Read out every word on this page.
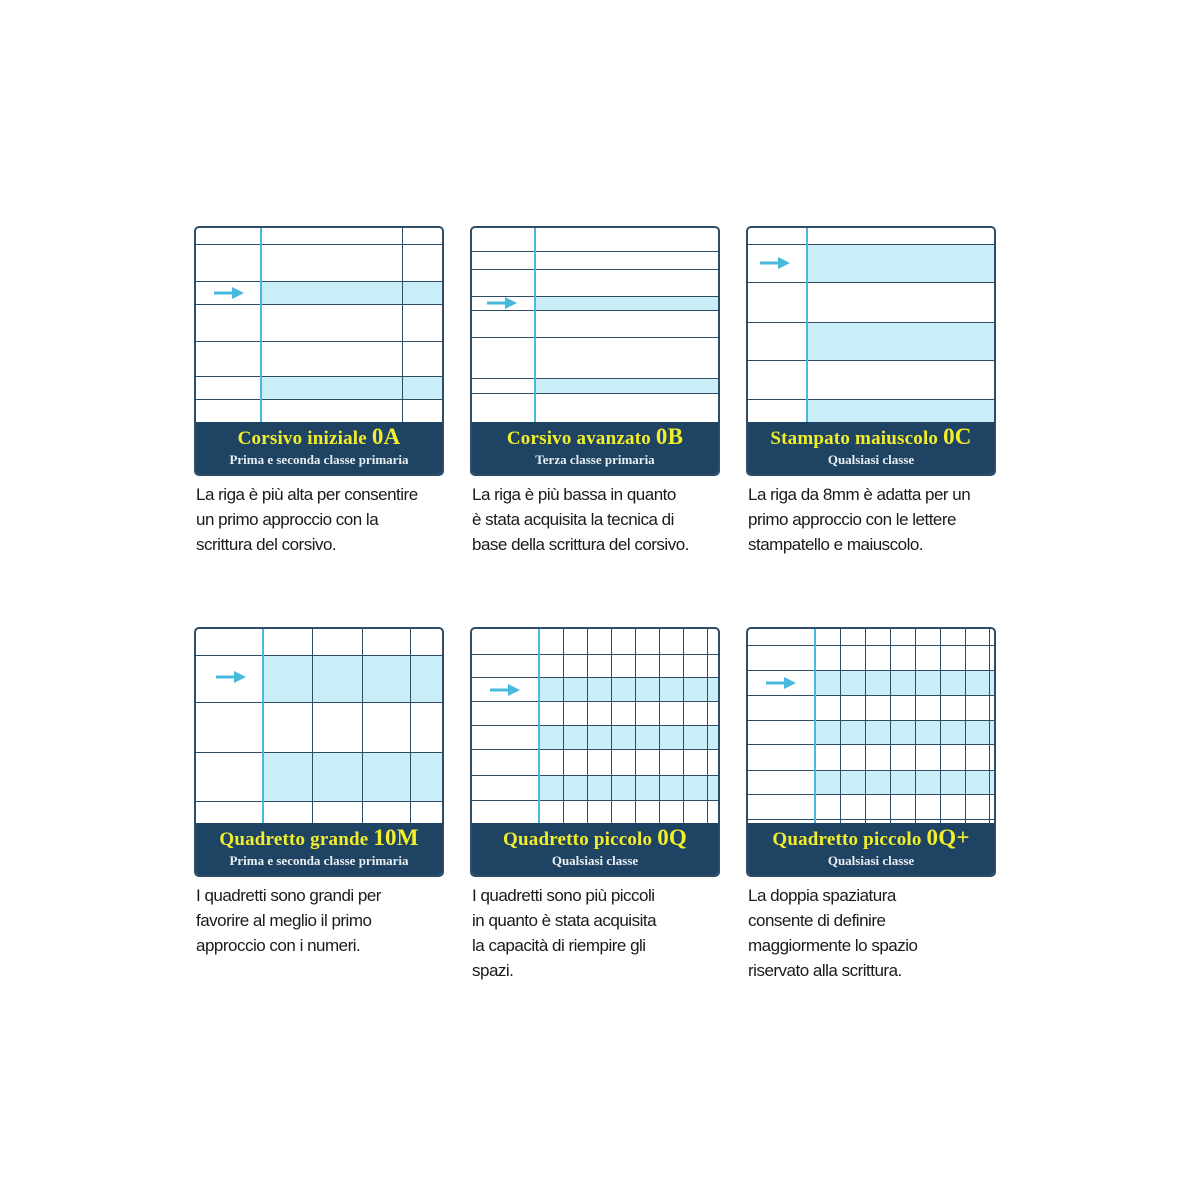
Corsivo iniziale 0A
Prima e seconda classe primaria
La riga è più alta per consentire
un primo approccio con la
scrittura del corsivo.
Corsivo avanzato 0B
Terza classe primaria
La riga è più bassa in quanto
è stata acquisita la tecnica di
base della scrittura del corsivo.
Stampato maiuscolo 0C
Qualsiasi classe
La riga da 8mm è adatta per un
primo approccio con le lettere
stampatello e maiuscolo.
Quadretto grande 10M
Prima e seconda classe primaria
I quadretti sono grandi per
favorire al meglio il primo
approccio con i numeri.
Quadretto piccolo 0Q
Qualsiasi classe
I quadretti sono più piccoli
in quanto è stata acquisita
la capacità di riempire gli
spazi.
Quadretto piccolo 0Q+
Qualsiasi classe
La doppia spaziatura
consente di definire
maggiormente lo spazio
riservato alla scrittura.
